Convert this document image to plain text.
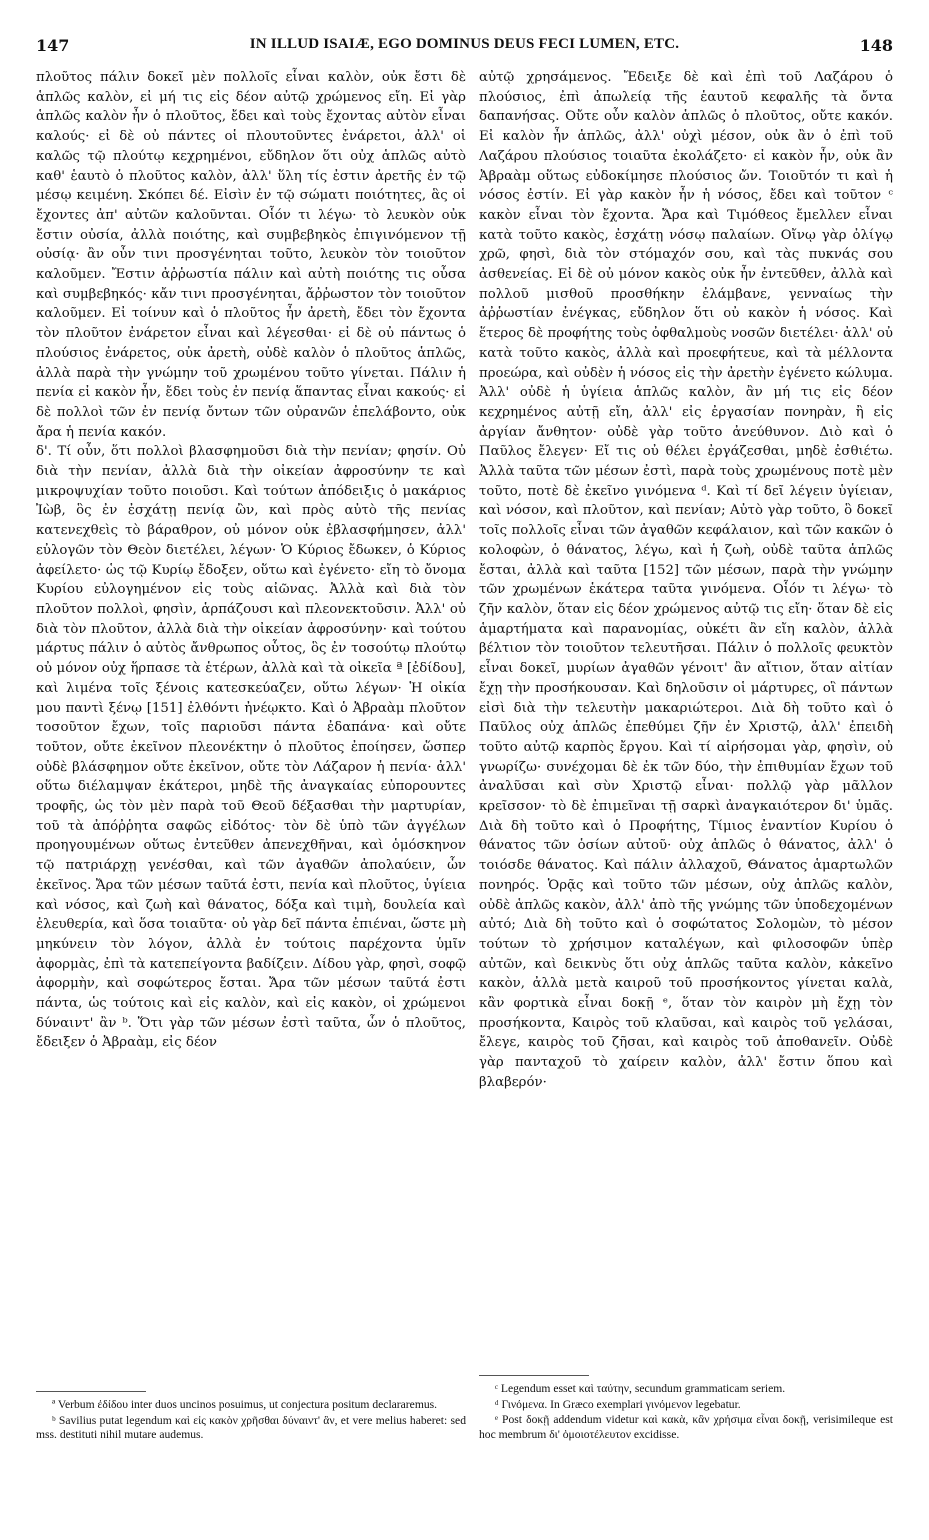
147	IN ILLUD ISAIÆ, EGO DOMINUS DEUS FECI LUMEN, ETC.	148

πλοῦτος πάλιν δοκεῖ μὲν πολλοῖς εἶναι καλὸν, οὐκ ἔστι δὲ ἁπλῶς καλὸν, εἰ μή τις εἰς δέον αὐτῷ χρώμενος εἴη. Εἰ γὰρ ἁπλῶς καλὸν ἦν ὁ πλοῦτος, ἔδει καὶ τοὺς ἔχοντας αὐτὸν εἶναι καλούς· εἰ δὲ οὐ πάντες οἱ πλουτοῦντες ἐνάρετοι, ἀλλ' οἱ καλῶς τῷ πλούτῳ κεχρημένοι, εὔδηλον ὅτι οὐχ ἁπλῶς αὐτὸ καθ' ἑαυτὸ ὁ πλοῦτος καλὸν, ἀλλ' ὕλη τίς ἐστιν ἀρετῆς ἐν τῷ μέσῳ κειμένη. Σκόπει δέ. Εἰσὶν ἐν τῷ σώματι ποιότητες, ἃς οἱ ἔχοντες ἀπ' αὐτῶν καλοῦνται. Οἷόν τι λέγω· τὸ λευκὸν οὐκ ἔστιν οὐσία, ἀλλὰ ποιότης, καὶ συμβεβηκὸς ἐπιγινόμενον τῇ οὐσίᾳ· ἂν οὖν τινι προσγένηται τοῦτο, λευκὸν τὸν τοιοῦτον καλοῦμεν. Ἔστιν ἀῤῥωστία πάλιν καὶ αὐτὴ ποιότης τις οὖσα καὶ συμβεβηκός· κἄν τινι προσγένηται, ἄῤῥωστον τὸν τοιοῦτον καλοῦμεν. Εἰ τοίνυν καὶ ὁ πλοῦτος ἦν ἀρετὴ, ἔδει τὸν ἔχοντα τὸν πλοῦτον ἐνάρετον εἶναι καὶ λέγεσθαι· εἰ δὲ οὐ πάντως ὁ πλούσιος ἐνάρετος, οὐκ ἀρετὴ, οὐδὲ καλὸν ὁ πλοῦτος ἁπλῶς, ἀλλὰ παρὰ τὴν γνώμην τοῦ χρωμένου τοῦτο γίνεται. Πάλιν ἡ πενία εἰ κακὸν ἦν, ἔδει τοὺς ἐν πενίᾳ ἅπαντας εἶναι κακούς· εἰ δὲ πολλοὶ τῶν ἐν πενίᾳ ὄντων τῶν οὐρανῶν ἐπελάβοντο, οὐκ ἄρα ἡ πενία κακόν.

δ'. Τί οὖν, ὅτι πολλοὶ βλασφημοῦσι διὰ τὴν πενίαν; φησίν. Οὐ διὰ τὴν πενίαν, ἀλλὰ διὰ τὴν οἰκείαν ἀφροσύνην τε καὶ μικροψυχίαν τοῦτο ποιοῦσι. Καὶ τούτων ἀπόδειξις ὁ μακάριος Ἰὼβ, ὃς ἐν ἐσχάτῃ πενίᾳ ὢν, καὶ πρὸς αὐτὸ τῆς πενίας κατενεχθεὶς τὸ βάραθρον, οὐ μόνον οὐκ ἐβλασφήμησεν, ἀλλ' εὐλογῶν τὸν Θεὸν διετέλει, λέγων· Ὁ Κύριος ἔδωκεν, ὁ Κύριος ἀφείλετο· ὡς τῷ Κυρίῳ ἔδοξεν, οὕτω καὶ ἐγένετο· εἴη τὸ ὄνομα Κυρίου εὐλογημένον εἰς τοὺς αἰῶνας. Ἀλλὰ καὶ διὰ τὸν πλοῦτον πολλοὶ, φησὶν, ἁρπάζουσι καὶ πλεονεκτοῦσιν. Ἀλλ' οὐ διὰ τὸν πλοῦτον, ἀλλὰ διὰ τὴν οἰκείαν ἀφροσύνην· καὶ τούτου μάρτυς πάλιν ὁ αὐτὸς ἄνθρωπος οὗτος, ὃς ἐν τοσούτῳ πλούτῳ οὐ μόνον οὐχ ἥρπασε τὰ ἑτέρων, ἀλλὰ καὶ τὰ οἰκεῖα ª [ἐδίδου], καὶ λιμένα τοῖς ξένοις κατεσκεύαζεν, οὕτω λέγων· Ἡ οἰκία μου παντὶ ξένῳ [151] ἐλθόντι ἠνέῳκτο. Καὶ ὁ Ἀβραὰμ πλοῦτον τοσοῦτον ἔχων, τοῖς παριοῦσι πάντα ἐδαπάνα· καὶ οὔτε τοῦτον, οὔτε ἐκεῖνον πλεονέκτην ὁ πλοῦτος ἐποίησεν, ὥσπερ οὐδὲ βλάσφημον οὔτε ἐκεῖνον, οὔτε τὸν Λάζαρον ἡ πενία· ἀλλ' οὕτω διέλαμψαν ἑκάτεροι, μηδὲ τῆς ἀναγκαίας εὐπορουντες τροφῆς, ὡς τὸν μὲν παρὰ τοῦ Θεοῦ δέξασθαι τὴν μαρτυρίαν, τοῦ τὰ ἀπόῤῥητα σαφῶς εἰδότος· τὸν δὲ ὑπὸ τῶν ἀγγέλων προηγουμένων οὕτως ἐντεῦθεν ἀπενεχθῆναι, καὶ ὁμόσκηνον τῷ πατριάρχῃ γενέσθαι, καὶ τῶν ἀγαθῶν ἀπολαύειν, ὧν ἐκεῖνος. Ἄρα τῶν μέσων ταῦτά ἐστι, πενία καὶ πλοῦτος, ὑγίεια καὶ νόσος, καὶ ζωὴ καὶ θάνατος, δόξα καὶ τιμὴ, δουλεία καὶ ἐλευθερία, καὶ ὅσα τοιαῦτα· οὐ γὰρ δεῖ πάντα ἐπιέναι, ὥστε μὴ μηκύνειν τὸν λόγον, ἀλλὰ ἐν τούτοις παρέχοντα ὑμῖν ἀφορμὰς, ἐπὶ τὰ κατεπείγοντα βαδίζειν. Δίδου γὰρ, φησὶ, σοφῷ ἀφορμὴν, καὶ σοφώτερος ἔσται. Ἄρα τῶν μέσων ταῦτά ἐστι πάντα, ὡς τούτοις καὶ εἰς καλὸν, καὶ εἰς κακὸν, οἱ χρώμενοι δύναιντ' ἂν ᵇ. Ὅτι γὰρ τῶν μέσων ἐστὶ ταῦτα, ὧν ὁ πλοῦτος, ἔδειξεν ὁ Ἀβραὰμ, εἰς δέον

αὐτῷ χρησάμενος. Ἔδειξε δὲ καὶ ἐπὶ τοῦ Λαζάρου ὁ πλούσιος, ἐπὶ ἀπωλείᾳ τῆς ἑαυτοῦ κεφαλῆς τὰ ὄντα δαπανήσας. Οὔτε οὖν καλὸν ἁπλῶς ὁ πλοῦτος, οὔτε κακόν. Εἰ καλὸν ἦν ἁπλῶς, ἀλλ' οὐχὶ μέσον, οὐκ ἂν ὁ ἐπὶ τοῦ Λαζάρου πλούσιος τοιαῦτα ἐκολάζετο· εἰ κακὸν ἦν, οὐκ ἂν Ἀβραὰμ οὕτως εὐδοκίμησε πλούσιος ὤν. Τοιοῦτόν τι καὶ ἡ νόσος ἐστίν. Εἰ γὰρ κακὸν ἦν ἡ νόσος, ἔδει καὶ τοῦτον ᶜ κακὸν εἶναι τὸν ἔχοντα. Ἄρα καὶ Τιμόθεος ἔμελλεν εἶναι κατὰ τοῦτο κακὸς, ἐσχάτῃ νόσῳ παλαίων. Οἴνῳ γὰρ ὀλίγῳ χρῶ, φησὶ, διὰ τὸν στόμαχόν σου, καὶ τὰς πυκνάς σου ἀσθενείας. Εἰ δὲ οὐ μόνον κακὸς οὐκ ἦν ἐντεῦθεν, ἀλλὰ καὶ πολλοῦ μισθοῦ προσθήκην ἐλάμβανε, γενναίως τὴν ἀῤῥωστίαν ἐνέγκας, εὔδηλον ὅτι οὐ κακὸν ἡ νόσος. Καὶ ἕτερος δὲ προφήτης τοὺς ὀφθαλμοὺς νοσῶν διετέλει· ἀλλ' οὐ κατὰ τοῦτο κακὸς, ἀλλὰ καὶ προεφήτευε, καὶ τὰ μέλλοντα προεώρα, καὶ οὐδὲν ἡ νόσος εἰς τὴν ἀρετὴν ἐγένετο κώλυμα. Ἀλλ' οὐδὲ ἡ ὑγίεια ἁπλῶς καλὸν, ἂν μή τις εἰς δέον κεχρημένος αὐτῇ εἴη, ἀλλ' εἰς ἐργασίαν πονηρὰν, ἢ εἰς ἀργίαν ἄνθητον· οὐδὲ γὰρ τοῦτο ἀνεύθυνον. Διὸ καὶ ὁ Παῦλος ἔλεγεν· Εἴ τις οὐ θέλει ἐργάζεσθαι, μηδὲ ἐσθιέτω. Ἀλλὰ ταῦτα τῶν μέσων ἐστὶ, παρὰ τοὺς χρωμένους ποτὲ μὲν τοῦτο, ποτὲ δὲ ἐκεῖνο γινόμενα ᵈ. Καὶ τί δεῖ λέγειν ὑγίειαν, καὶ νόσον, καὶ πλοῦτον, καὶ πενίαν; Αὐτὸ γὰρ τοῦτο, ὃ δοκεῖ τοῖς πολλοῖς εἶναι τῶν ἀγαθῶν κεφάλαιον, καὶ τῶν κακῶν ὁ κολοφὼν, ὁ θάνατος, λέγω, καὶ ἡ ζωὴ, οὐδὲ ταῦτα ἁπλῶς ἔσται, ἀλλὰ καὶ ταῦτα [152] τῶν μέσων, παρὰ τὴν γνώμην τῶν χρωμένων ἑκάτερα ταῦτα γινόμενα. Οἷόν τι λέγω· τὸ ζῆν καλὸν, ὅταν εἰς δέον χρώμενος αὐτῷ τις εἴη· ὅταν δὲ εἰς ἁμαρτήματα καὶ παρανομίας, οὐκέτι ἂν εἴη καλὸν, ἀλλὰ βέλτιον τὸν τοιοῦτον τελευτῆσαι. Πάλιν ὁ πολλοῖς φευκτὸν εἶναι δοκεῖ, μυρίων ἀγαθῶν γένοιτ' ἂν αἴτιον, ὅταν αἰτίαν ἔχῃ τὴν προσήκουσαν. Καὶ δηλοῦσιν οἱ μάρτυρες, οἳ πάντων εἰσὶ διὰ τὴν τελευτὴν μακαριώτεροι. Διὰ δὴ τοῦτο καὶ ὁ Παῦλος οὐχ ἁπλῶς ἐπεθύμει ζῆν ἐν Χριστῷ, ἀλλ' ἐπειδὴ τοῦτο αὐτῷ καρπὸς ἔργου. Καὶ τί αἱρήσομαι γὰρ, φησὶν, οὐ γνωρίζω· συνέχομαι δὲ ἐκ τῶν δύο, τὴν ἐπιθυμίαν ἔχων τοῦ ἀναλῦσαι καὶ σὺν Χριστῷ εἶναι· πολλῷ γὰρ μᾶλλον κρεῖσσον· τὸ δὲ ἐπιμεῖναι τῇ σαρκὶ ἀναγκαιότερον δι' ὑμᾶς. Διὰ δὴ τοῦτο καὶ ὁ Προφήτης, Τίμιος ἐναντίον Κυρίου ὁ θάνατος τῶν ὁσίων αὐτοῦ· οὐχ ἁπλῶς ὁ θάνατος, ἀλλ' ὁ τοιόσδε θάνατος. Καὶ πάλιν ἀλλαχοῦ, Θάνατος ἁμαρτωλῶν πονηρός. Ὁρᾷς καὶ τοῦτο τῶν μέσων, οὐχ ἁπλῶς καλὸν, οὐδὲ ἁπλῶς κακὸν, ἀλλ' ἀπὸ τῆς γνώμης τῶν ὑποδεχομένων αὐτό; Διὰ δὴ τοῦτο καὶ ὁ σοφώτατος Σολομὼν, τὸ μέσον τούτων τὸ χρήσιμον καταλέγων, καὶ φιλοσοφῶν ὑπὲρ αὐτῶν, καὶ δεικνὺς ὅτι οὐχ ἁπλῶς ταῦτα καλὸν, κἀκεῖνο κακὸν, ἀλλὰ μετὰ καιροῦ τοῦ προσήκοντος γίνεται καλὰ, κἂν φορτικὰ εἶναι δοκῇ ᵉ, ὅταν τὸν καιρὸν μὴ ἔχῃ τὸν προσήκοντα, Καιρὸς τοῦ κλαῦσαι, καὶ καιρὸς τοῦ γελάσαι, ἔλεγε, καιρὸς τοῦ ζῆσαι, καὶ καιρὸς τοῦ ἀποθανεῖν. Οὐδὲ γὰρ πανταχοῦ τὸ χαίρειν καλὸν, ἀλλ' ἔστιν ὅπου καὶ βλαβερόν·

ª Verbum ἐδίδου inter duos uncinos posuimus, ut conjectura positum declararemus.

ᵇ Savilius putat legendum καὶ εἰς κακὸν χρῆσθαι δύναιντ' ἂν, et vere melius haberet: sed mss. destituti nihil mutare audemus.

ᶜ Legendum esset καὶ ταύτην, secundum grammaticam seriem.

ᵈ Γινόμενα. In Græco exemplari γινόμενον legebatur.

ᵉ Post δοκῇ addendum videtur καὶ κακὰ, κἂν χρήσιμα εἶναι δοκῇ, verisimileque est hoc membrum δι' ὁμοιοτέλευτον excidisse.
